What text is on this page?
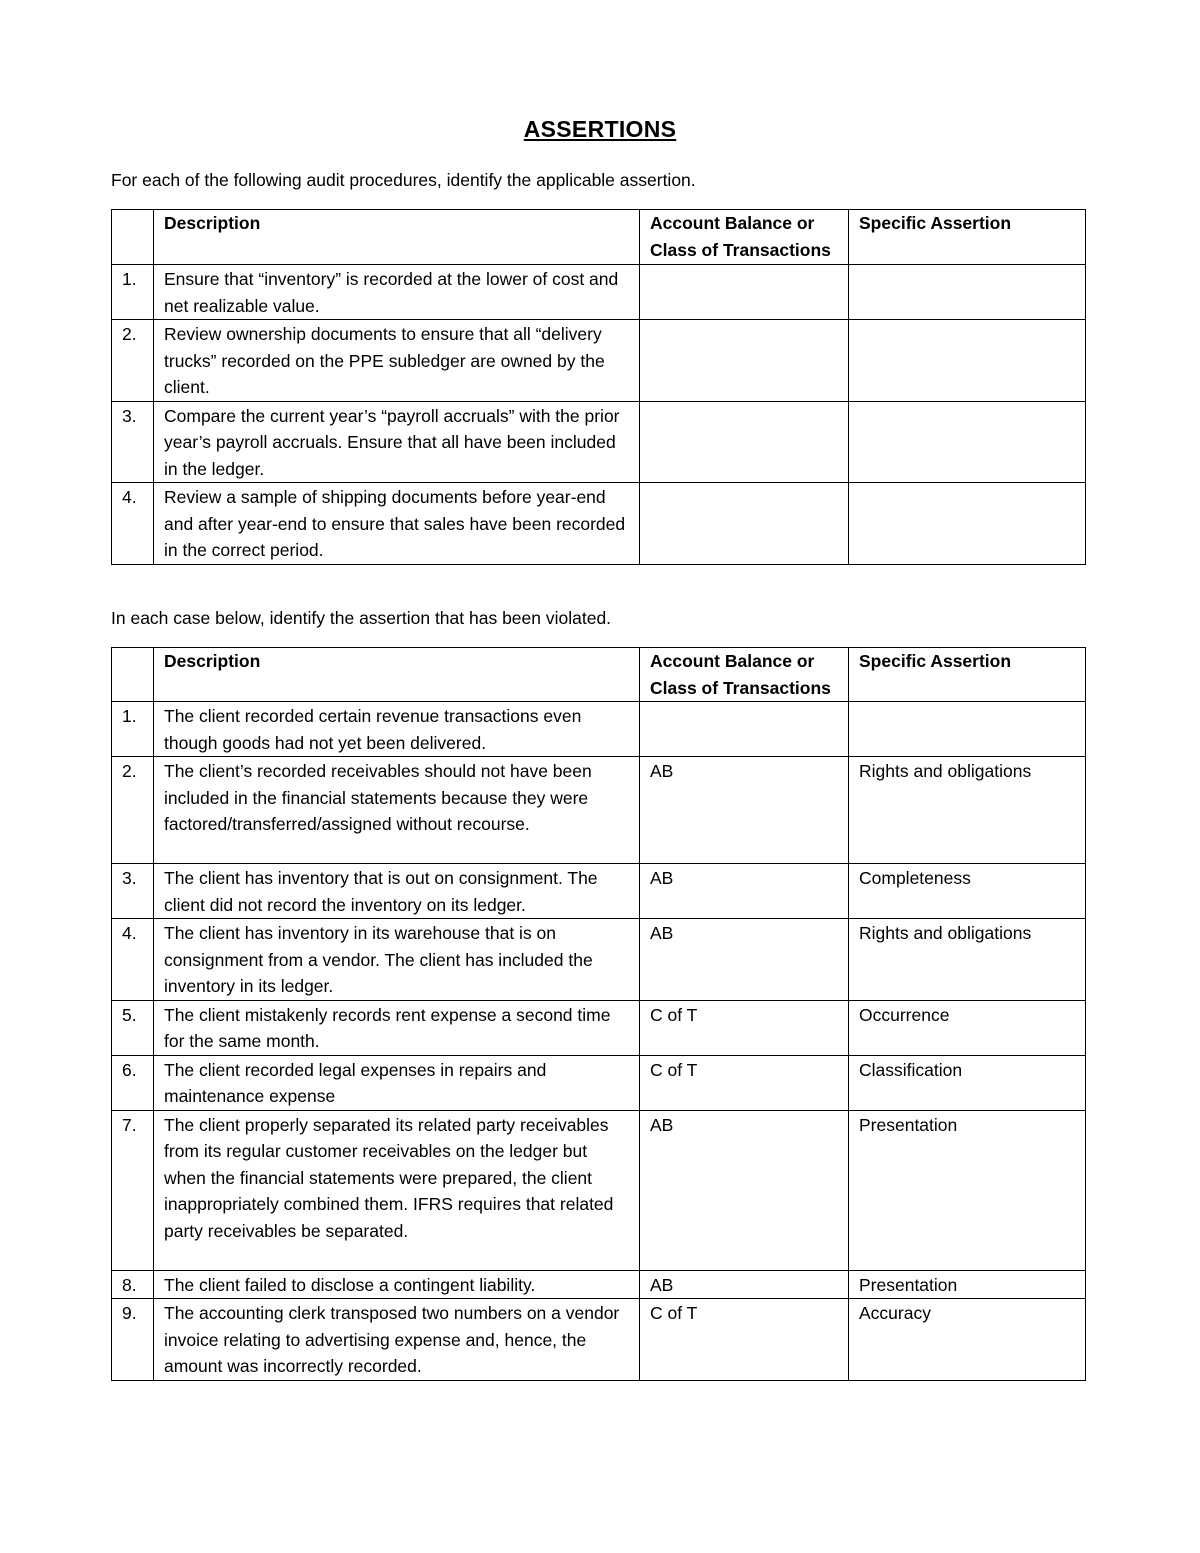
ASSERTIONS
For each of the following audit procedures, identify the applicable assertion.
	Description	Account Balance or Class of Transactions	Specific Assertion
1.	Ensure that “inventory” is recorded at the lower of cost and net realizable value.		
2.	Review ownership documents to ensure that all “delivery trucks” recorded on the PPE subledger are owned by the client.		
3.	Compare the current year’s “payroll accruals” with the prior year’s payroll accruals. Ensure that all have been included in the ledger.		
4.	Review a sample of shipping documents before year-end and after year-end to ensure that sales have been recorded in the correct period.		
In each case below, identify the assertion that has been violated.
	Description	Account Balance or Class of Transactions	Specific Assertion
1.	The client recorded certain revenue transactions even though goods had not yet been delivered.		
2.	The client’s recorded receivables should not have been included in the financial statements because they were factored/transferred/assigned without recourse.	AB	Rights and obligations
3.	The client has inventory that is out on consignment. The client did not record the inventory on its ledger.	AB	Completeness
4.	The client has inventory in its warehouse that is on consignment from a vendor. The client has included the inventory in its ledger.	AB	Rights and obligations
5.	The client mistakenly records rent expense a second time for the same month.	C of T	Occurrence
6.	The client recorded legal expenses in repairs and maintenance expense	C of T	Classification
7.	The client properly separated its related party receivables from its regular customer receivables on the ledger but when the financial statements were prepared, the client inappropriately combined them. IFRS requires that related party receivables be separated.	AB	Presentation
8.	The client failed to disclose a contingent liability.	AB	Presentation
9.	The accounting clerk transposed two numbers on a vendor invoice relating to advertising expense and, hence, the amount was incorrectly recorded.	C of T	Accuracy
